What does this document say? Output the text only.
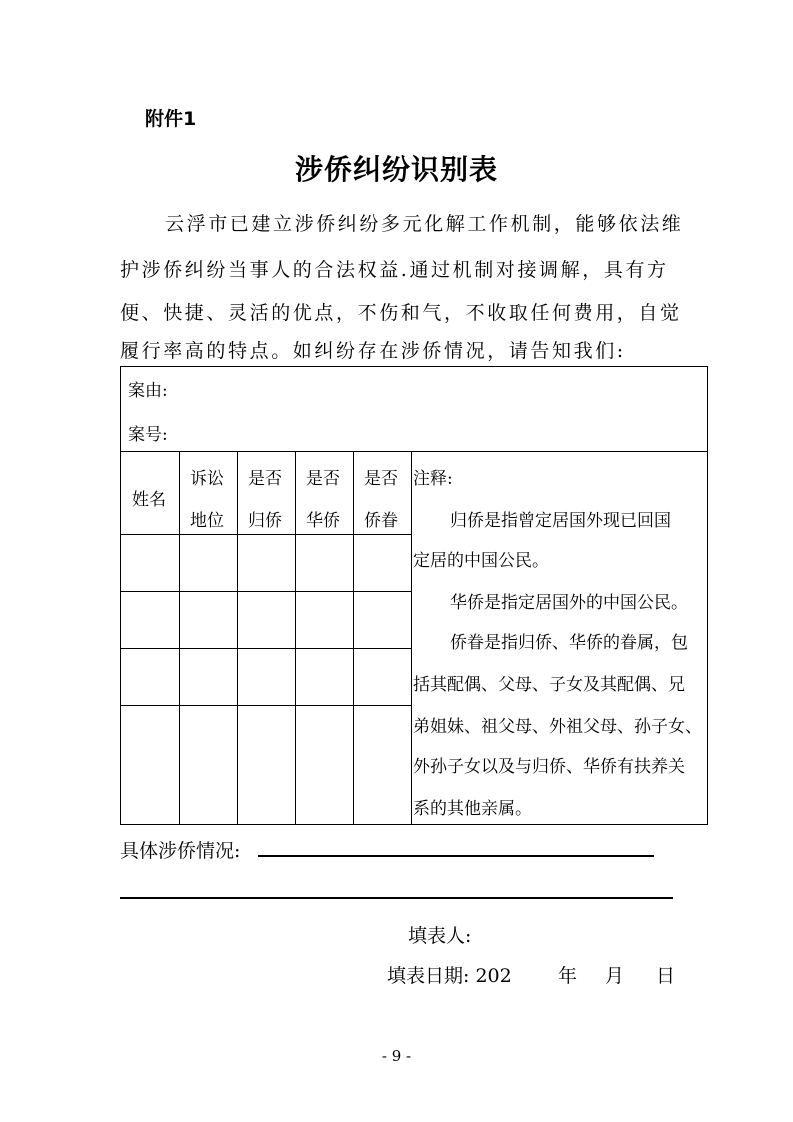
附件1
涉侨纠纷识别表
云浮市已建立涉侨纠纷多元化解工作机制，能够依法维
护涉侨纠纷当事人的合法权益.通过机制对接调解，具有方
便、快捷、灵活的优点，不伤和气，不收取任何费用，自觉
履行率高的特点。如纠纷存在涉侨情况，请告知我们:
案由:
案号:
姓名
诉讼
地位
是否
归侨
是否
华侨
是否
侨眷
注释:
归侨是指曾定居国外现已回国
定居的中国公民。
华侨是指定居国外的中国公民。
侨眷是指归侨、华侨的眷属，包
括其配偶、父母、子女及其配偶、兄
弟姐妹、祖父母、外祖父母、孙子女、
外孙子女以及与归侨、华侨有扶养关
系的其他亲属。
具体涉侨情况:
填表人:
填表日期: 202 年 月 日
- 9 -
